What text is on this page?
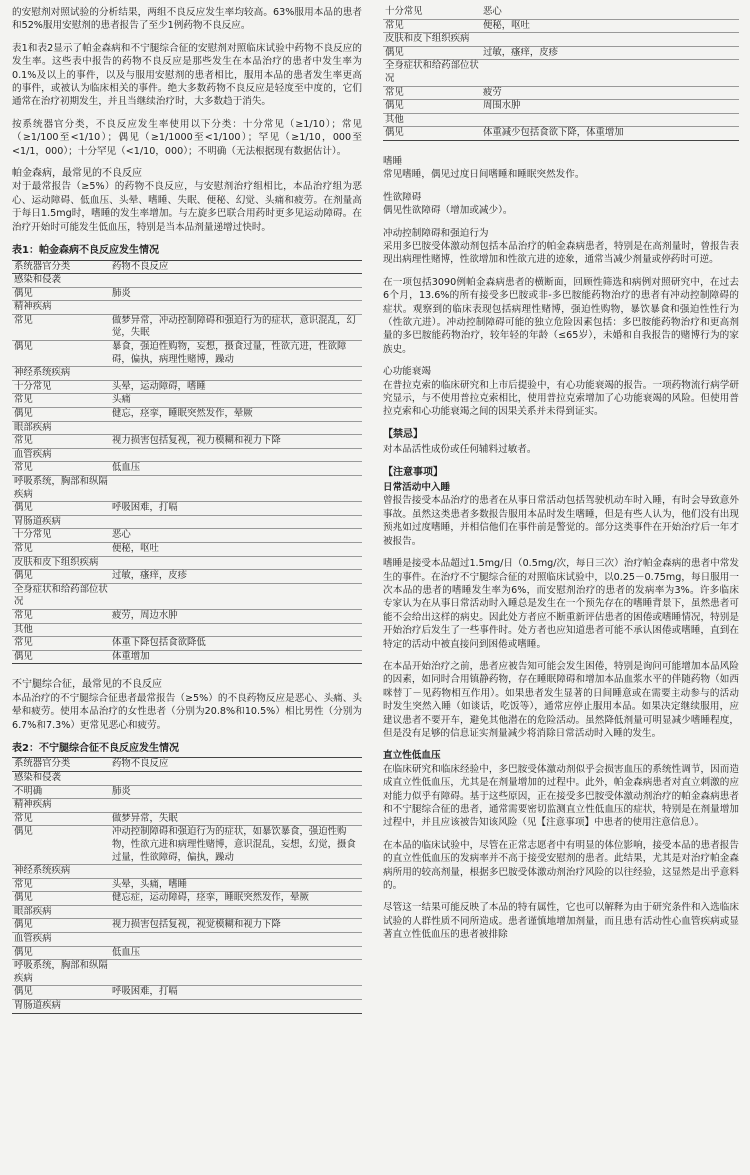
的安慰剂对照试验的分析结果，两组不良反应发生率均较高。63%服用本品的患者和52%服用安慰剂的患者报告了至少1例药物不良反应。

表1和表2显示了帕金森病和不宁腿综合征的安慰剂对照临床试验中药物不良反应的发生率。这些表中报告的药物不良反应是那些发生在本品治疗的患者中发生率为0.1%及以上的事件，以及与服用安慰剂的患者相比，服用本品的患者发生率更高的事件，或被认为临床相关的事件。绝大多数药物不良反应是轻度至中度的，它们通常在治疗初期发生，并且当继续治疗时，大多数趋于消失。

按系统器官分类，不良反应发生率使用以下分类：十分常见（≥1/10）；常见（≥1/100至<1/10）；偶见（≥1/1000至<1/100）；罕见（≥1/10，000至<1/1，000）；十分罕见（<1/10，000）；不明确（无法根据现有数据估计）。

帕金森病，最常见的不良反应

对于最常报告（≥5%）的药物不良反应，与安慰剂治疗组相比，本品治疗组为恶心、运动障碍、低血压、头晕、嗜睡、失眠、便秘、幻觉、头痛和疲劳。在剂量高于每日1.5mg时，嗜睡的发生率增加。与左旋多巴联合用药时更多见运动障碍。在治疗开始时可能发生低血压，特别是当本品剂量递增过快时。

表1：帕金森病不良反应发生情况
系统器官分类	药物不良反应
感染和侵袭	
偶见	肺炎
精神疾病	
常见	做梦异常，冲动控制障碍和强迫行为的症状，意识混乱，幻觉，失眠
偶见	暴食，强迫性购物，妄想，摄食过量，性欲亢进，性欲障碍，偏执，病理性赌博，躁动
神经系统疾病	
十分常见	头晕，运动障碍，嗜睡
常见	头痛
偶见	健忘，痉挛，睡眠突然发作，晕厥
眼部疾病	
常见	视力损害包括复视，视力模糊和视力下降
血管疾病	
常见	低血压
呼吸系统，胸部和纵隔疾病	
偶见	呼吸困难，打嗝
胃肠道疾病	
十分常见	恶心
常见	便秘，呕吐
皮肤和皮下组织疾病	
偶见	过敏，瘙痒，皮疹
全身症状和给药部位状况	
常见	疲劳，周边水肿
其他	
常见	体重下降包括食欲降低
偶见	体重增加
不宁腿综合征，最常见的不良反应

本品治疗的不宁腿综合征患者最常报告（≥5%）的不良药物反应是恶心、头痛、头晕和疲劳。使用本品治疗的女性患者（分别为20.8%和10.5%）相比男性（分别为6.7%和7.3%）更常见恶心和疲劳。

表2：不宁腿综合征不良反应发生情况
系统器官分类	药物不良反应
感染和侵袭	
不明确	肺炎
精神疾病	
常见	做梦异常，失眠
偶见	冲动控制障碍和强迫行为的症状，如暴饮暴食，强迫性购物，性欲亢进和病理性赌博，意识混乱，妄想，幻觉，摄食过量，性欲障碍，偏执，躁动
神经系统疾病	
常见	头晕，头痛，嗜睡
偶见	健忘症，运动障碍，痉挛，睡眠突然发作，晕厥
眼部疾病	
偶见	视力损害包括复视，视觉模糊和视力下降
血管疾病	
偶见	低血压
呼吸系统，胸部和纵隔疾病	
偶见	呼吸困难，打嗝
胃肠道疾病	
十分常见	恶心
常见	便秘，呕吐
皮肤和皮下组织疾病	
偶见	过敏，瘙痒，皮疹
全身症状和给药部位状况	
常见	疲劳
偶见	周围水肿
其他	
偶见	体重减少包括食欲下降，体重增加
嗜睡

常见嗜睡，偶见过度日间嗜睡和睡眠突然发作。

性欲障碍

偶见性欲障碍（增加或减少）。

冲动控制障碍和强迫行为

采用多巴胺受体激动剂包括本品治疗的帕金森病患者，特别是在高剂量时，曾报告表现出病理性赌博，性欲增加和性欲亢进的迹象，通常当减少剂量或停药时可逆。

在一项包括3090例帕金森病患者的横断面，回顾性筛选和病例对照研究中，在过去6个月，13.6%的所有接受多巴胺或非-多巴胺能药物治疗的患者有冲动控制障碍的症状。观察到的临床表现包括病理性赌博，强迫性购物，暴饮暴食和强迫性性行为（性欲亢进）。冲动控制障碍可能的独立危险因素包括：多巴胺能药物治疗和更高剂量的多巴胺能药物治疗，较年轻的年龄（≤65岁），未婚和自我报告的赌博行为的家族史。

心功能衰竭

在普拉克索的临床研究和上市后提验中，有心功能衰竭的报告。一项药物流行病学研究显示，与不使用普拉克索相比，使用普拉克索增加了心功能衰竭的风险。但使用普拉克索和心功能衰竭之间的因果关系并未得到证实。

【禁忌】

对本品活性成份或任何辅料过敏者。

【注意事项】
日常活动中入睡

曾报告接受本品治疗的患者在从事日常活动包括驾驶机动车时入睡，有时会导致意外事故。虽然这类患者多数报告服用本品时发生嗜睡，但是有些人认为，他们没有出现预兆如过度嗜睡，并相信他们在事件前是警觉的。部分这类事件在开始治疗后一年才被报告。

嗜睡是接受本品超过1.5mg/日（0.5mg/次，每日三次）治疗帕金森病的患者中常发生的事件。在治疗不宁腿综合征的对照临床试验中，以0.25－0.75mg，每日服用一次本品的患者的嗜睡发生率为6%，而安慰剂治疗的患者的发病率为3%。许多临床专家认为在从事日常活动时入睡总是发生在一个预先存在的嗜睡背景下，虽然患者可能不会给出这样的病史。因此处方者应不断重新评估患者的困倦或嗜睡情况，特别是开始治疗后发生了一些事件时。处方者也应知道患者可能不承认困倦或嗜睡，直到在特定的活动中被直接问到困倦或嗜睡。

在本品开始治疗之前，患者应被告知可能会发生困倦，特别是询问可能增加本品风险的因素，如同时合用镇静药物，存在睡眠障碍和增加本品血浆水平的伴随药物（如西咪替丁－见药物相互作用）。如果患者发生显著的日间睡意或在需要主动参与的活动时发生突然入睡（如谈话，吃饭等），通常应停止服用本品。如果决定继续服用，应建议患者不要开车，避免其他潜在的危险活动。虽然降低剂量可明显减少嗜睡程度，但是没有足够的信息证实剂量减少将消除日常活动时入睡的发生。

直立性低血压

在临床研究和临床经验中，多巴胺受体激动剂似乎会损害血压的系统性调节，因而造成直立性低血压，尤其是在剂量增加的过程中。此外，帕金森病患者对直立刺激的应对能力似乎有障碍。基于这些原因，正在接受多巴胺受体激动剂治疗的帕金森病患者和不宁腿综合征的患者，通常需要密切监测直立性低血压的症状，特别是在剂量增加过程中，并且应该被告知该风险（见【注意事项】中患者的使用注意信息）。

在本品的临床试验中，尽管在正常志愿者中有明显的体位影响，接受本品的患者报告的直立性低血压的发病率并不高于接受安慰剂的患者。此结果，尤其是对治疗帕金森病所用的较高剂量，根据多巴胺受体激动剂治疗风险的以往经验，这显然是出乎意料的。

尽管这一结果可能反映了本品的特有属性，它也可以解释为由于研究条件和入选临床试验的人群性质不同所造成。患者谨慎地增加剂量，而且患有活动性心血管疾病或显著直立性低血压的患者被排除
